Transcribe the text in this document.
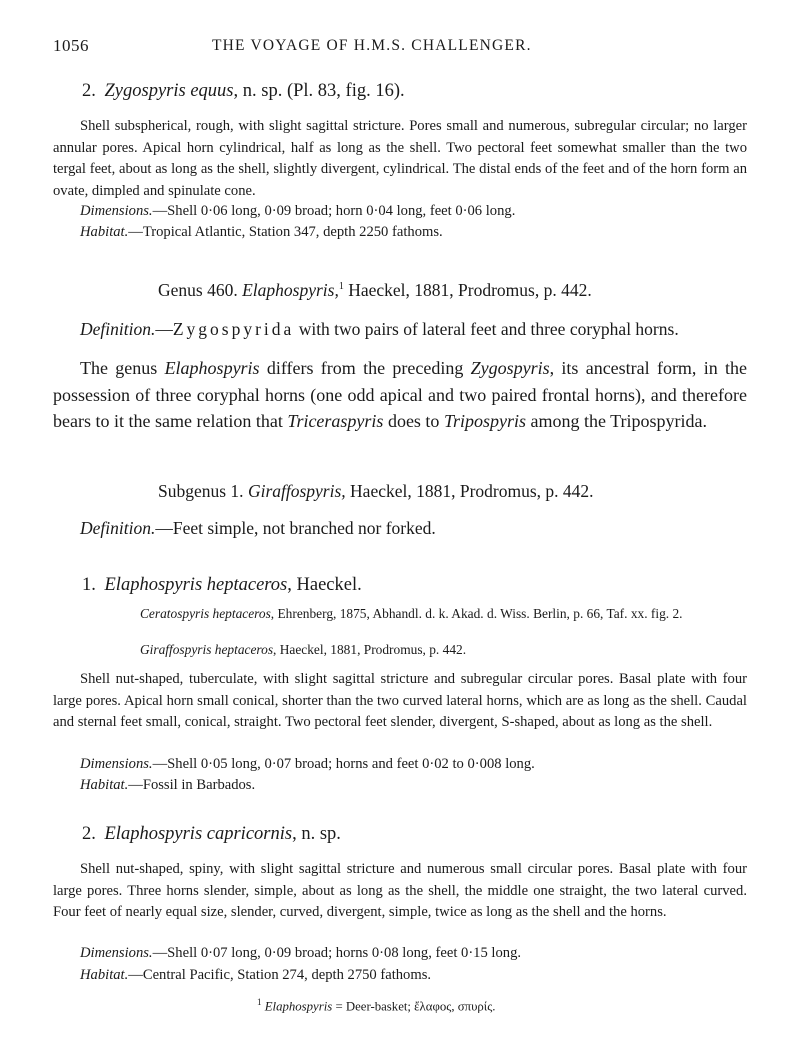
1056	THE VOYAGE OF H.M.S. CHALLENGER.

2. Zygospyris equus, n. sp. (Pl. 83, fig. 16).

Shell subspherical, rough, with slight sagittal stricture. Pores small and numerous, subregular circular; no larger annular pores. Apical horn cylindrical, half as long as the shell. Two pectoral feet somewhat smaller than the two tergal feet, about as long as the shell, slightly divergent, cylindrical. The distal ends of the feet and of the horn form an ovate, dimpled and spinulate cone.

Dimensions.—Shell 0·06 long, 0·09 broad; horn 0·04 long, feet 0·06 long.

Habitat.—Tropical Atlantic, Station 347, depth 2250 fathoms.

Genus 460. Elaphospyris,$^1$ Haeckel, 1881, Prodromus, p. 442.

Definition.—Zygospyrida with two pairs of lateral feet and three coryphal horns.

The genus Elaphospyris differs from the preceding Zygospyris, its ancestral form, in the possession of three coryphal horns (one odd apical and two paired frontal horns), and therefore bears to it the same relation that Triceraspyris does to Tripospyris among the Tripospyrida.

Subgenus 1. Giraffospyris, Haeckel, 1881, Prodromus, p. 442.

Definition.—Feet simple, not branched nor forked.

1. Elaphospyris heptaceros, Haeckel.

Ceratospyris heptaceros, Ehrenberg, 1875, Abhandl. d. k. Akad. d. Wiss. Berlin, p. 66, Taf. xx. fig. 2.

Giraffospyris heptaceros, Haeckel, 1881, Prodromus, p. 442.

Shell nut-shaped, tuberculate, with slight sagittal stricture and subregular circular pores. Basal plate with four large pores. Apical horn small conical, shorter than the two curved lateral horns, which are as long as the shell. Caudal and sternal feet small, conical, straight. Two pectoral feet slender, divergent, S-shaped, about as long as the shell.

Dimensions.—Shell 0·05 long, 0·07 broad; horns and feet 0·02 to 0·008 long.

Habitat.—Fossil in Barbados.

2. Elaphospyris capricornis, n. sp.

Shell nut-shaped, spiny, with slight sagittal stricture and numerous small circular pores. Basal plate with four large pores. Three horns slender, simple, about as long as the shell, the middle one straight, the two lateral curved. Four feet of nearly equal size, slender, curved, divergent, simple, twice as long as the shell and the horns.

Dimensions.—Shell 0·07 long, 0·09 broad; horns 0·08 long, feet 0·15 long.

Habitat.—Central Pacific, Station 274, depth 2750 fathoms.

$^1$ Elaphospyris = Deer-basket; ἔλαφος, σπυρίς.
